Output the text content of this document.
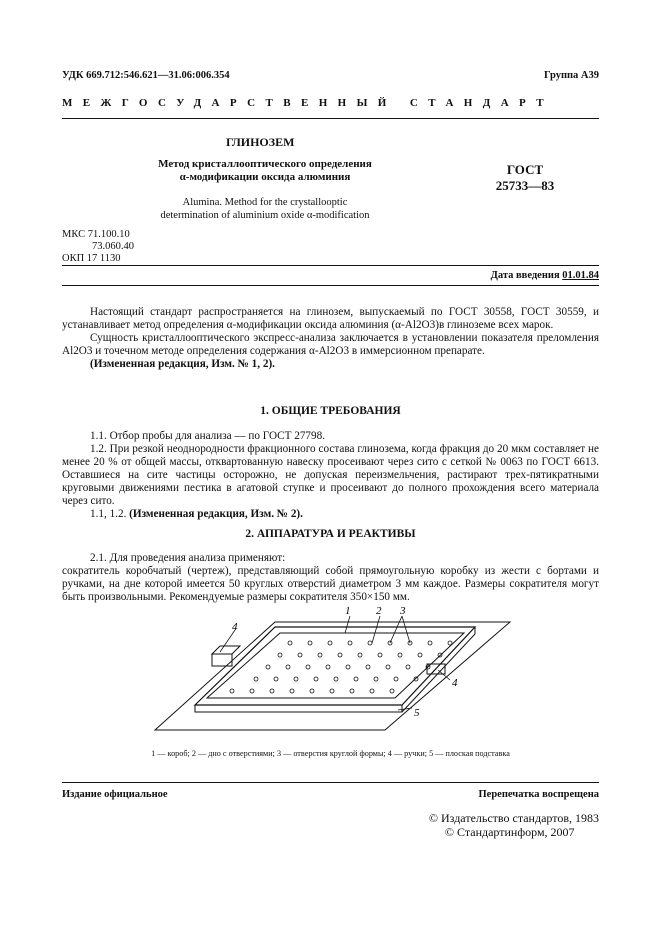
УДК 669.712:546.621—31.06:006.354	Группа А39
МЕЖГОСУДАРСТВЕННЫЙ СТАНДАРТ
ГЛИНОЗЕМ
Метод кристаллооптического определения
α-модификации оксида алюминия
Alumina. Method for the crystallooptic
determination of aluminium oxide α-modification
ГОСТ
25733—83
МКС 71.100.10
73.060.40
ОКП 17 1130
Дата введения 01.01.84

Настоящий стандарт распространяется на глинозем, выпускаемый по ГОСТ 30558, ГОСТ 30559, и устанавливает метод определения α-модификации оксида алюминия (α-Al2O3)в глиноземе всех марок.

Сущность кристаллооптического экспресс-анализа заключается в установлении показателя преломления Al2O3 и точечном методе определения содержания α-Al2O3 в иммерсионном препарате.

(Измененная редакция, Изм. № 1, 2).

1. ОБЩИЕ ТРЕБОВАНИЯ

1.1. Отбор пробы для анализа — по ГОСТ 27798.

1.2. При резкой неоднородности фракционного состава глинозема, когда фракция до 20 мкм составляет не менее 20 % от общей массы, отквартованную навеску просеивают через сито с сеткой № 0063 по ГОСТ 6613. Оставшиеся на сите частицы осторожно, не допуская переизмельчения, растирают трех-пятикратными круговыми движениями пестика в агатовой ступке и просеивают до полного прохождения всего материала через сито.

1.1, 1.2. (Измененная редакция, Изм. № 2).

2. АППАРАТУРА И РЕАКТИВЫ

2.1. Для проведения анализа применяют:

сократитель коробчатый (чертеж), представляющий собой прямоугольную коробку из жести с бортами и ручками, на дне которой имеется 50 круглых отверстий диаметром 3 мм каждое. Размеры сократителя могут быть произвольными. Рекомендуемые размеры сократителя 350×150 мм.

1 2 3
4
4
5
1 — короб; 2 — дно с отверстиями; 3 — отверстия круглой формы; 4 — ручки; 5 — плоская подставка
Издание официальное	Перепечатка воспрещена
© Издательство стандартов, 1983
© Стандартинформ, 2007
